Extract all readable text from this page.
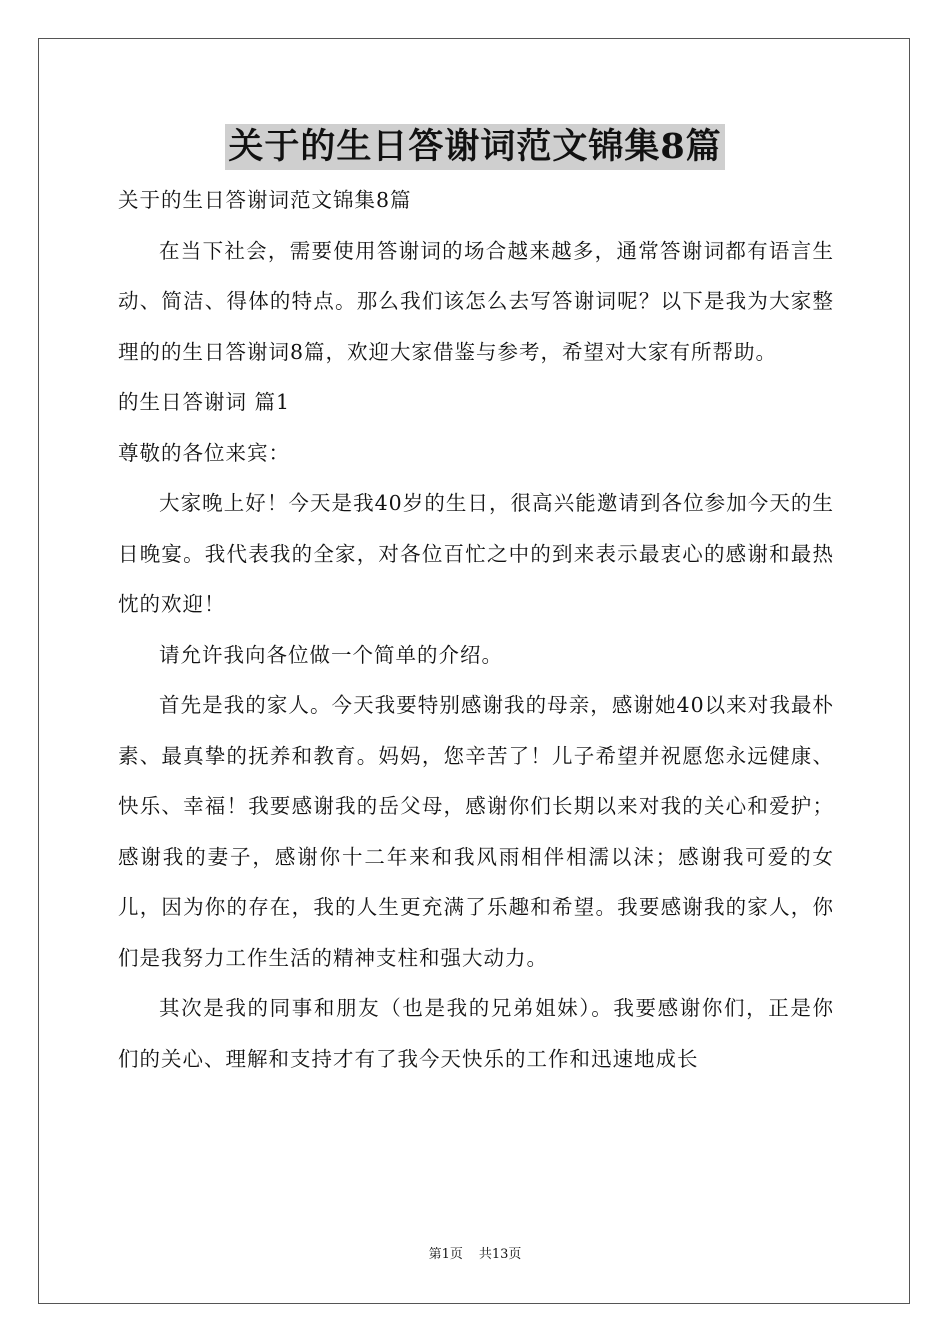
关于的生日答谢词范文锦集8篇

关于的生日答谢词范文锦集8篇

在当下社会，需要使用答谢词的场合越来越多，通常答谢词都有语言生动、简洁、得体的特点。那么我们该怎么去写答谢词呢？以下是我为大家整理的的生日答谢词8篇，欢迎大家借鉴与参考，希望对大家有所帮助。

的生日答谢词 篇1

尊敬的各位来宾：

大家晚上好！今天是我40岁的生日，很高兴能邀请到各位参加今天的生日晚宴。我代表我的全家，对各位百忙之中的到来表示最衷心的感谢和最热忱的欢迎！

请允许我向各位做一个简单的介绍。

首先是我的家人。今天我要特别感谢我的母亲，感谢她40以来对我最朴素、最真挚的抚养和教育。妈妈，您辛苦了！儿子希望并祝愿您永远健康、快乐、幸福！我要感谢我的岳父母，感谢你们长期以来对我的关心和爱护；感谢我的妻子，感谢你十二年来和我风雨相伴相濡以沫；感谢我可爱的女儿，因为你的存在，我的人生更充满了乐趣和希望。我要感谢我的家人，你们是我努力工作生活的精神支柱和强大动力。

其次是我的同事和朋友（也是我的兄弟姐妹）。我要感谢你们，正是你们的关心、理解和支持才有了我今天快乐的工作和迅速地成长

第1页 共13页
